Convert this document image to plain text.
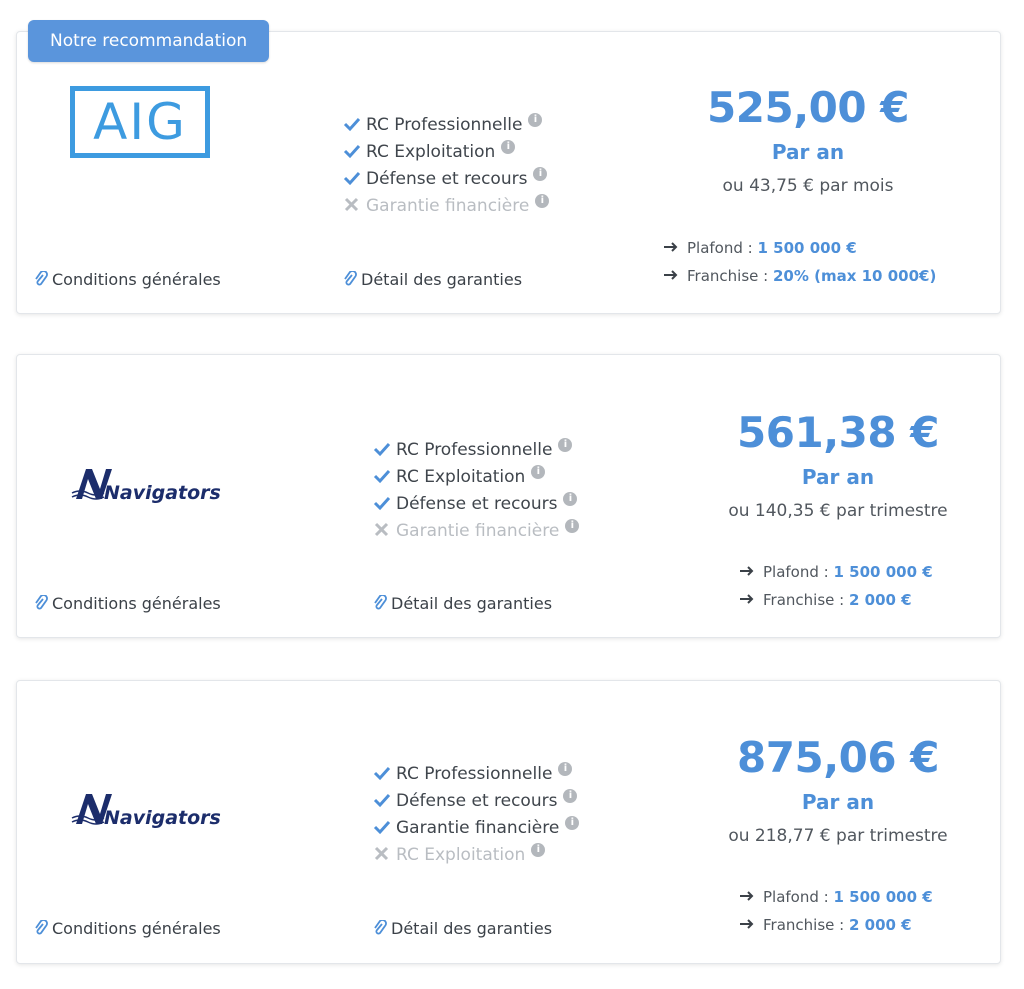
Notre recommandation
AIG	RC Professionnelle i
RC Exploitation i
Défense et recours i
Garantie financière i
525,00 €
Par an
ou 43,75 € par mois
Plafond : 1 500 000 €
Franchise : 20% (max 10 000€)
Conditions générales	Détail des garanties
Navigators
RC Professionnelle i
RC Exploitation i
Défense et recours i
Garantie financière i
561,38 €
Par an
ou 140,35 € par trimestre
Plafond : 1 500 000 €
Franchise : 2 000 €
Conditions générales	Détail des garanties
Navigators
RC Professionnelle i
Défense et recours i
Garantie financière i
RC Exploitation i
875,06 €
Par an
ou 218,77 € par trimestre
Plafond : 1 500 000 €
Franchise : 2 000 €
Conditions générales	Détail des garanties
